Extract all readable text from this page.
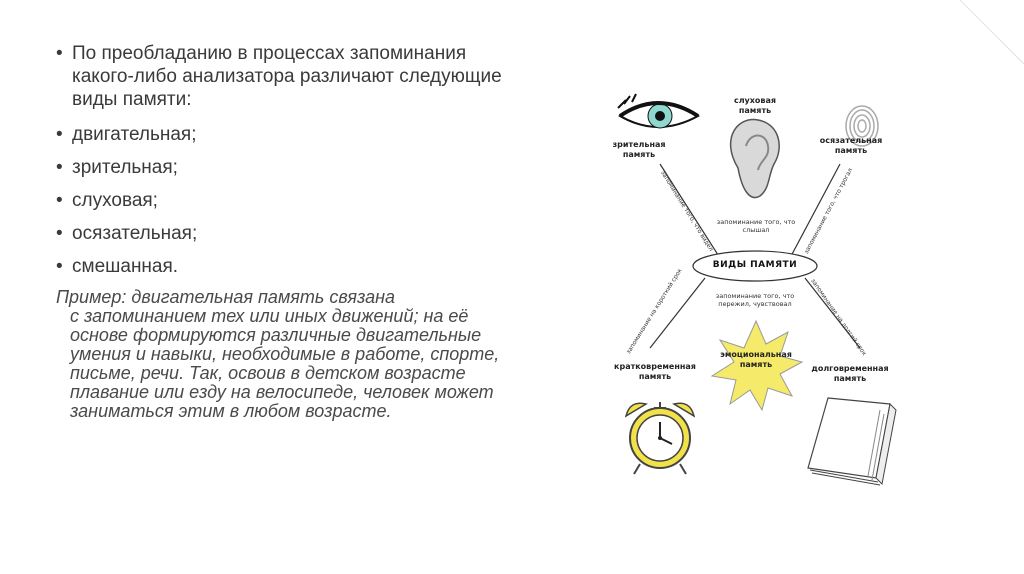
• По преобладанию в процессах запоминания какого-либо анализатора различают следующие виды памяти:
• двигательная;
• зрительная;
• слуховая;
• осязательная;
• смешанная.
Пример: двигательная память связана
с запоминанием тех или иных движений; на её основе формируются различные двигательные умения и навыки, необходимые в работе, спорте, письме, речи. Так, освоив в детском возрасте плавание или езду на велосипеде, человек может заниматься этим в любом возрасте.
зрительная память
слуховая память
осязательная память
запоминание того, что слышал
ВИДЫ ПАМЯТИ
запоминание того, что пережил, чувствовал
эмоциональная память
кратковременная память
долговременная память
запоминание того, что видел	запоминание того, что трогал
запоминание на короткий срок	запоминание на долгий срок
